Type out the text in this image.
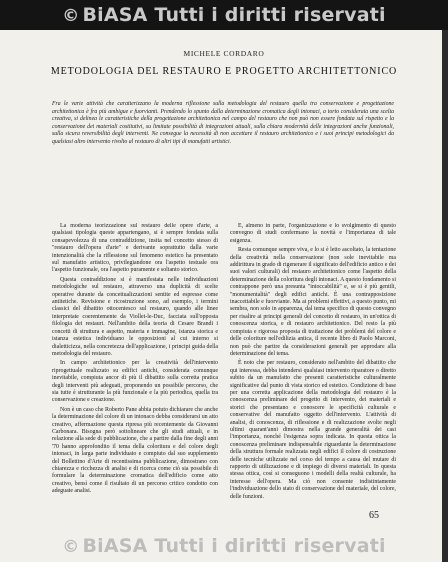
© BiASA Tutti i diritti riservati
MICHELE CORDARO
METODOLOGIA DEL RESTAURO E PROGETTO ARCHITETTONICO
Fra le varie attività che caratterizzano la moderna riflessione sulla metodologia del restauro quella tra conservazione e progettazione architettonica è fra più ambigue e fuorvianti. Prendendo lo spunto dalla determinazione cromatica degli intonaci, a torto considerata una scelta creativa, si delinea le caratteristiche della progettazione architettonica nel campo del restauro che non può non essere fondata sul rispetto e la conservazione dei materiali costitutivi, su limitate possibilità di integrazioni attuali, sulla chiara modernità delle integrazioni anche funzionali, sulla sicura reversibilità degli interventi. Ne consegue la necessità di non accettare il restauro architettonico e i suoi principi metodologici da qualsiasi altro intervento rivolto al restauro di altri tipi di manufatti artistici.

La moderna teorizzazione sul restauro delle opere d'arte, a qualsiasi tipologia queste appartengano, si è sempre fondata sulla consapevolezza di una contraddizione, insita nel concetto stesso di "restauro dell'opera d'arte" e derivante soprattutto dalla varie intenzionalità che la riflessione sul fenomeno estetico ha presentato sul manufatto artistico, privilegiandone ora l'aspetto testuale ora l'aspetto funzionale, ora l'aspetto puramente e soltanto storico.

Questa contraddizione si è manifestata nelle individuazioni metodologiche sul restauro, attraverso una duplicità di scelte operative durante da concettualizzazioni sentite ed espresse come antitetiche. Revisione e ricostruzione sono, ad esempio, i termini classici del dibattito ottocentesco sul restauro, quando alle linee interpretate coerentemente da Viollet-le-Duc, facciata sull'opposta filologia dei restauri. Nell'ambito della teoria di Cesare Brandi i concetti di struttura e aspetto, materia e immagine, istanza storica e istanza estetica individuano le opposizioni al cui interno si dialetticizza, nella concretezza dell'applicazione, i principi guida della metodologia del restauro.

In campo architettonico per la creatività dell'intervento riprogettuale realizzato su edifici antichi, considerata comunque inevitabile, compiuta ancor di più il dibattito sulla corretta pratica degli interventi più adeguati, proponendo un possibile percorso, che sia tutte è strutturante la più funzionale e la più periodica, quella tra conservazione e creazione.

Non è un caso che Roberto Pane abbia potuto dichiarare che anche la determinazione del colore di un intonaco debba considerarsi un atto creativo, affermazione questa ripresa più recentemente da Giovanni Carbonara. Bisogna però sottolineare che gli studi attuali, e in relazione alla sede di pubblicazione, che a partire dalla fine degli anni '70 hanno approfondito il tema della coloritura e del colore degli intonaci, in larga parte individuato e compiuto dal suo supplemento del Bollettino d'Arte di recentissima pubblicazione, dimostrano con chiarezza e ricchezza di analisi e di ricerca come ciò sia possibile di formulare la determinazione cromatica dell'edificio come atto creativo, bensì come il risultato di un percorso critico condotto con adeguate analisi.

E, almeno in parte, l'organizzazione e lo svolgimento di questo convegno di studi confermano la novità e l'importanza di tale esigenza.

Resta comunque sempre viva, e lo si è letto ascoltato, la tentazione della creatività nella conservazione (non sole inevitabile ma addirittura in grado di rigenerare il significato dell'edificio antico e dei suoi valori culturali) del restauro architettonico come l'aspetto della determinazione della coloritura degli intonaci. A questo fondamento si contrappone però una presunta "intoccabilità" e, se si è più gentili, "monumentalità" degli edifici antichi. È una contrapposizione inaccettabile e fuorviante. Ma ai problemi effettivi, a questo punto, mi sembra, non solo in apparenza, dal tema specifico di questo convegno per risalire ai principi generali del concetto di restauro, in un'ottica di conoscenza storica, e di restauro architettonico. Del resto la più compiuta e rigorosa proposta di trattazione dei problemi del colore e delle coloriture nell'edilizia antica, il recente libro di Paolo Marconi, non può che partire da considerazioni generali per approdare alla determinazione del tema.

È noto che per restauro, considerato nell'ambito del dibattito che qui interessa, debba intendersi qualsiasi intervento riparatore o diretto subito da un manufatto che presenti caratteristiche culturalmente significative dal punto di vista storico ed estetico. Condizione di base per una corretta applicazione della metodologia del restauro è la conoscenza preliminare del progetto di intervento, dei materiali e storici che presentano e conoscere le specificità culturale e conservative del manufatto oggetto dell'intervento. L'attività di analisi, di conoscenza, di riflessione e di realizzazione svolte negli ultimi quarant'anni dimostra nella grande generalità dei casi l'importanza, nonché l'esigenza sopra indicata. In questa ottica la conoscenza preliminare indispensabile riguardante la determinazione della struttura formale realizzata negli edifici il colore di costruzione delle tecniche utilizzate nel corso del tempo a causa del mutare di rapporto di utilizzazione e di impiego di diversi materiali. In questa stessa ottica, così si conseguono i modelli della realtà culturale, ha interesse dell'opera. Ma ciò non consente indistintamente l'individuazione dello stato di conservazione del materiale, del colore, delle funzioni.

65
© BiASA Tutti i diritti riservati
